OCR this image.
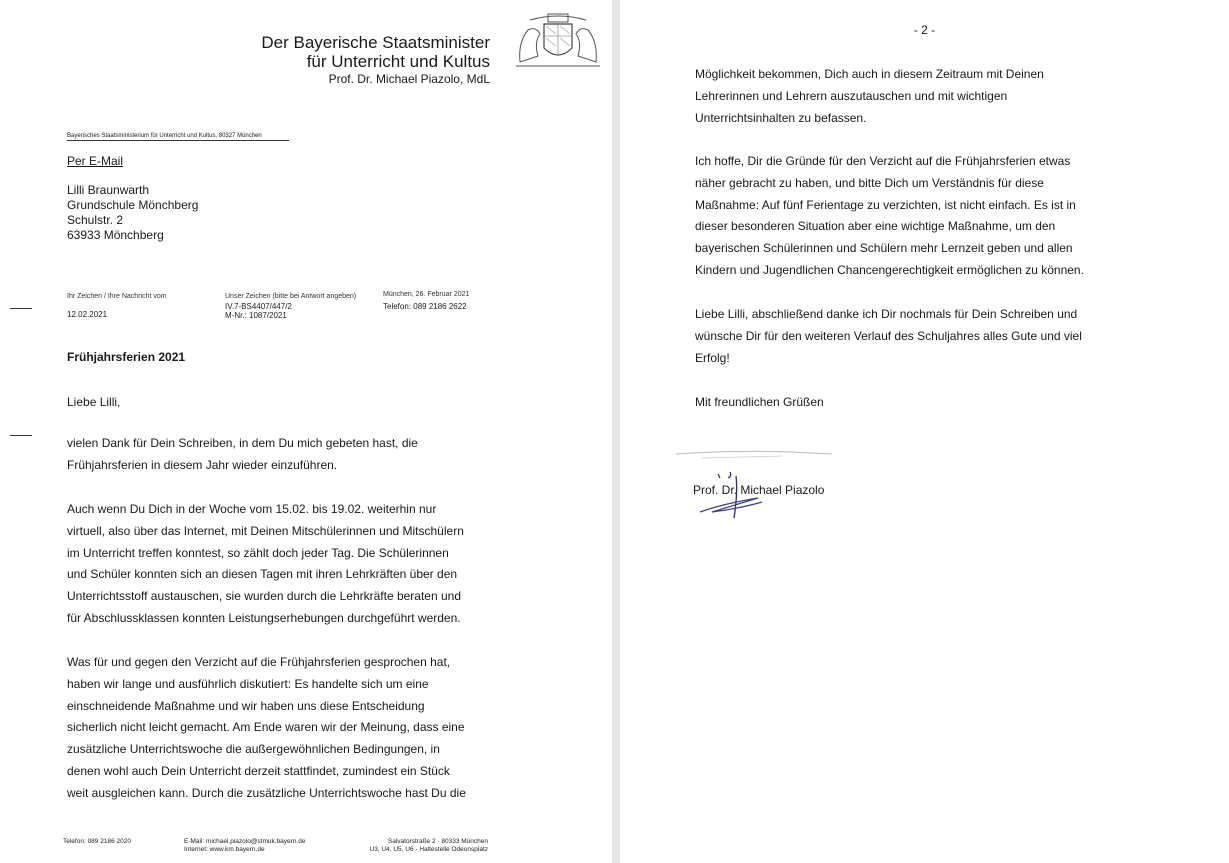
Der Bayerische Staatsminister
für Unterricht und Kultus
Prof. Dr. Michael Piazolo, MdL
Bayerisches Staatsministerium für Unterricht und Kultus, 80327 München
Per E-Mail
Lilli Braunwarth
Grundschule Mönchberg
Schulstr. 2
63933 Mönchberg
Ihr Zeichen / Ihre Nachricht vom
12.02.2021
Unser Zeichen (bitte bei Antwort angeben)
IV.7-BS4407/447/2
M-Nr.: 1087/2021
München, 26. Februar 2021
Telefon: 089 2186 2622
Frühjahrsferien 2021
Liebe Lilli,
vielen Dank für Dein Schreiben, in dem Du mich gebeten hast, die
Frühjahrsferien in diesem Jahr wieder einzuführen.
Auch wenn Du Dich in der Woche vom 15.02. bis 19.02. weiterhin nur
virtuell, also über das Internet, mit Deinen Mitschülerinnen und Mitschülern
im Unterricht treffen konntest, so zählt doch jeder Tag. Die Schülerinnen
und Schüler konnten sich an diesen Tagen mit ihren Lehrkräften über den
Unterrichtsstoff austauschen, sie wurden durch die Lehrkräfte beraten und
für Abschlussklassen konnten Leistungserhebungen durchgeführt werden.
Was für und gegen den Verzicht auf die Frühjahrsferien gesprochen hat,
haben wir lange und ausführlich diskutiert: Es handelte sich um eine
einschneidende Maßnahme und wir haben uns diese Entscheidung
sicherlich nicht leicht gemacht. Am Ende waren wir der Meinung, dass eine
zusätzliche Unterrichtswoche die außergewöhnlichen Bedingungen, in
denen wohl auch Dein Unterricht derzeit stattfindet, zumindest ein Stück
weit ausgleichen kann. Durch die zusätzliche Unterrichtswoche hast Du die
Telefon: 089 2186 2020	E-Mail: michael.piazolo@stmuk.bayern.de
Internet: www.km.bayern.de
Salvatorstraße 2 · 80333 München
U3, U4, U5, U6 - Haltestelle Odeonsplatz
- 2 -
Möglichkeit bekommen, Dich auch in diesem Zeitraum mit Deinen
Lehrerinnen und Lehrern auszutauschen und mit wichtigen
Unterrichtsinhalten zu befassen.
Ich hoffe, Dir die Gründe für den Verzicht auf die Frühjahrsferien etwas
näher gebracht zu haben, und bitte Dich um Verständnis für diese
Maßnahme: Auf fünf Ferientage zu verzichten, ist nicht einfach. Es ist in
dieser besonderen Situation aber eine wichtige Maßnahme, um den
bayerischen Schülerinnen und Schülern mehr Lernzeit geben und allen
Kindern und Jugendlichen Chancengerechtigkeit ermöglichen zu können.
Liebe Lilli, abschließend danke ich Dir nochmals für Dein Schreiben und
wünsche Dir für den weiteren Verlauf des Schuljahres alles Gute und viel
Erfolg!
Mit freundlichen Grüßen
Prof. Dr. Michael Piazolo
